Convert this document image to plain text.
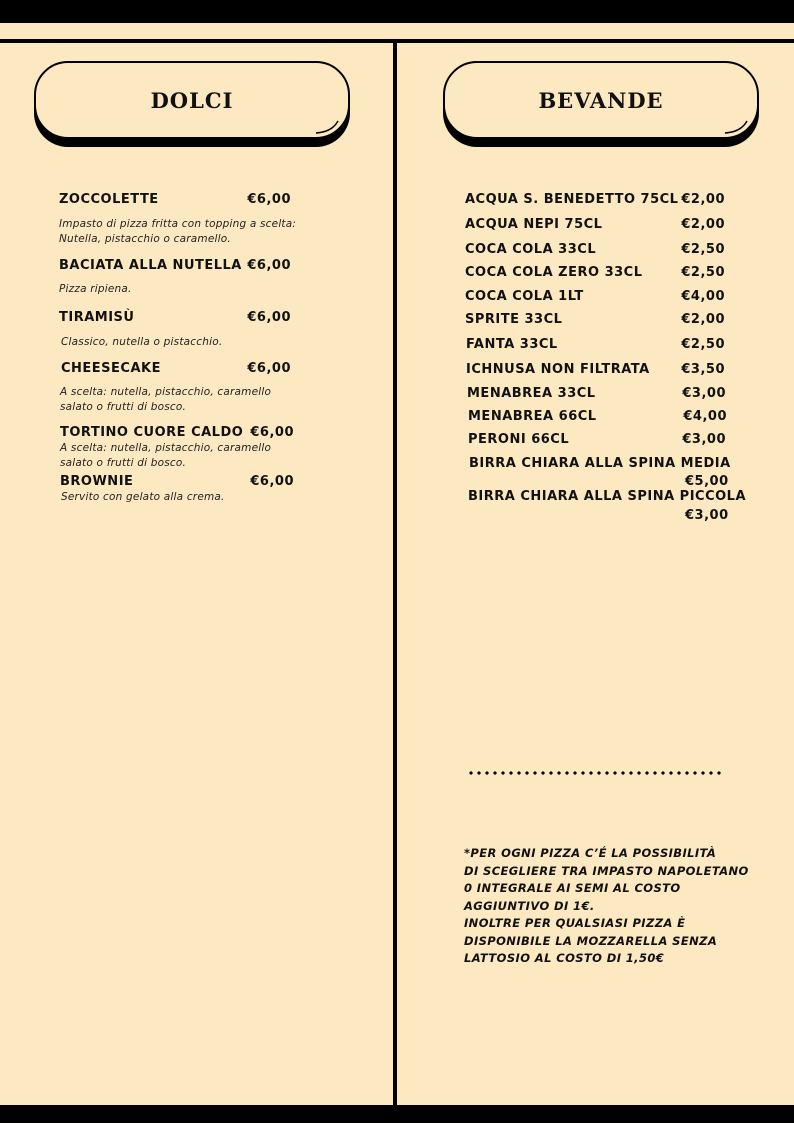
DOLCI	BEVANDE
ZOCCOLETTE	€6,00
Impasto di pizza fritta con topping a scelta:
Nutella, pistacchio o caramello.
BACIATA ALLA NUTELLA €6,00
Pizza ripiena.
TIRAMISÙ	€6,00
Classico, nutella o pistacchio.
CHEESECAKE	€6,00
A scelta: nutella, pistacchio, caramello
salato o frutti di bosco.
TORTINO CUORE CALDO €6,00
A scelta: nutella, pistacchio, caramello
salato o frutti di bosco.
BROWNIE	€6,00
Servito con gelato alla crema.
ACQUA S. BENEDETTO 75CL €2,00
ACQUA NEPI 75CL	€2,00
COCA COLA 33CL	€2,50
COCA COLA ZERO 33CL	€2,50
COCA COLA 1LT	€4,00
SPRITE 33CL	€2,00
FANTA 33CL	€2,50
ICHNUSA NON FILTRATA €3,50
MENABREA 33CL	€3,00
MENABREA 66CL	€4,00
PERONI 66CL	€3,00
BIRRA CHIARA ALLA SPINA MEDIA
€5,00
BIRRA CHIARA ALLA SPINA PICCOLA
€3,00
*PER OGNI PIZZA C’É LA POSSIBILITÀ
DI SCEGLIERE TRA IMPASTO NAPOLETANO
0 INTEGRALE AI SEMI AL COSTO
AGGIUNTIVO DI 1€.
INOLTRE PER QUALSIASI PIZZA È
DISPONIBILE LA MOZZARELLA SENZA
LATTOSIO AL COSTO DI 1,50€
